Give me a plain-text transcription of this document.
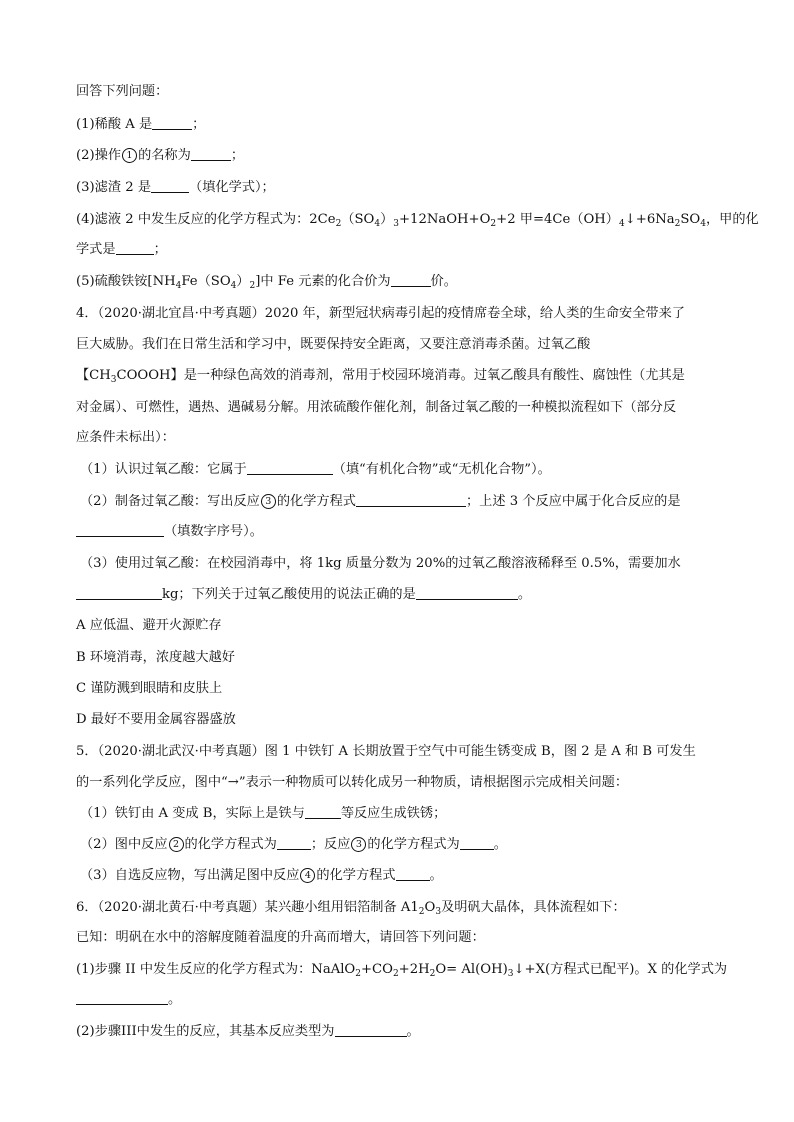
回答下列问题：
(1)稀酸 A 是	；
(2)操作 1 的名称为	；
(3)滤渣 2 是	（填化学式）；
(4)滤液 2 中发生反应的化学方程式为：$2Ce_2(SO_4)_3+12NaOH+O_2+2$ 甲$=4Ce(OH)_4↓+6Na_2SO_4$，甲的化
学式是	；
(5)硫酸铁铵$[NH_4Fe(SO_4)_2]$中 Fe 元素的化合价为	价。
4．（2020·湖北宜昌·中考真题）2020 年，新型冠状病毒引起的疫情席卷全球，给人类的生命安全带来了
巨大威胁。我们在日常生活和学习中，既要保持安全距离，又要注意消毒杀菌。过氧乙酸
【$CH_3COOOH$】是一种绿色高效的消毒剂，常用于校园环境消毒。过氧乙酸具有酸性、腐蚀性（尤其是
对金属）、可燃性，遇热、遇碱易分解。用浓硫酸作催化剂，制备过氧乙酸的一种模拟流程如下（部分反
应条件未标出）：
（1）认识过氧乙酸：它属于	（填“有机化合物”或“无机化合物”）。
（2）制备过氧乙酸：写出反应 3 的化学方程式	；上述 3 个反应中属于化合反应的是
（填数字序号）。
（3）使用过氧乙酸：在校园消毒中，将 1kg 质量分数为 20%的过氧乙酸溶液稀释至 0.5%，需要加水
kg；下列关于过氧乙酸使用的说法正确的是	。
A 应低温、避开火源贮存
B 环境消毒，浓度越大越好
C 谨防溅到眼睛和皮肤上
D 最好不要用金属容器盛放
5．（2020·湖北武汉·中考真题）图 1 中铁钉 A 长期放置于空气中可能生锈变成 B，图 2 是 A 和 B 可发生
的一系列化学反应，图中“→”表示一种物质可以转化成另一种物质，请根据图示完成相关问题：
（1）铁钉由 A 变成 B，实际上是铁与	等反应生成铁锈；
（2）图中反应 2 的化学方程式为	；反应 3 的化学方程式为	。
（3）自选反应物，写出满足图中反应 4 的化学方程式	。
6．（2020·湖北黄石·中考真题）某兴趣小组用铝箔制备 $A1_2O_3$及明矾大晶体，具体流程如下：
已知：明矾在水中的溶解度随着温度的升高而增大，请回答下列问题：
(1)步骤 II 中发生反应的化学方程式为：$NaAlO_2+CO_2+2H_2O=$ $Al(OH)_3↓+X$(方程式已配平)。X 的化学式为
。
(2)步骤III中发生的反应，其基本反应类型为	。
